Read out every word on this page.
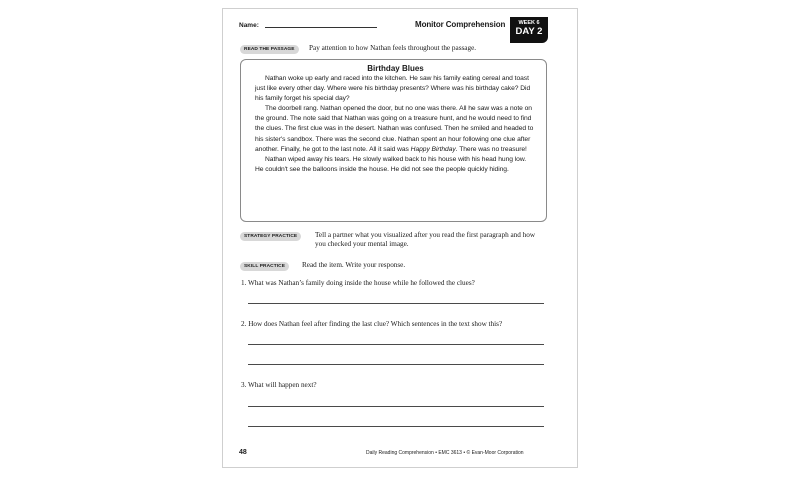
Name:	Monitor Comprehension	WEEK 6
DAY 2
READ THE PASSAGE	Pay attention to how Nathan feels throughout the passage.
Birthday Blues

Nathan woke up early and raced into the kitchen. He saw his family eating cereal and toast just like every other day. Where were his birthday presents? Where was his birthday cake? Did his family forget his special day?

The doorbell rang. Nathan opened the door, but no one was there. All he saw was a note on the ground. The note said that Nathan was going on a treasure hunt, and he would need to find the clues. The first clue was in the desert. Nathan was confused. Then he smiled and headed to his sister's sandbox. There was the second clue. Nathan spent an hour following one clue after another. Finally, he got to the last note. All it said was Happy Birthday. There was no treasure!

Nathan wiped away his tears. He slowly walked back to his house with his head hung low. He couldn't see the balloons inside the house. He did not see the people quickly hiding.

STRATEGY PRACTICE	Tell a partner what you visualized after you read the first paragraph and how you checked your mental image.
SKILL PRACTICE	Read the item. Write your response.
1. What was Nathan’s family doing inside the house while he followed the clues?
2. How does Nathan feel after finding the last clue? Which sentences in the text show this?
3. What will happen next?
48	Daily Reading Comprehension • EMC 3613 • © Evan-Moor Corporation
